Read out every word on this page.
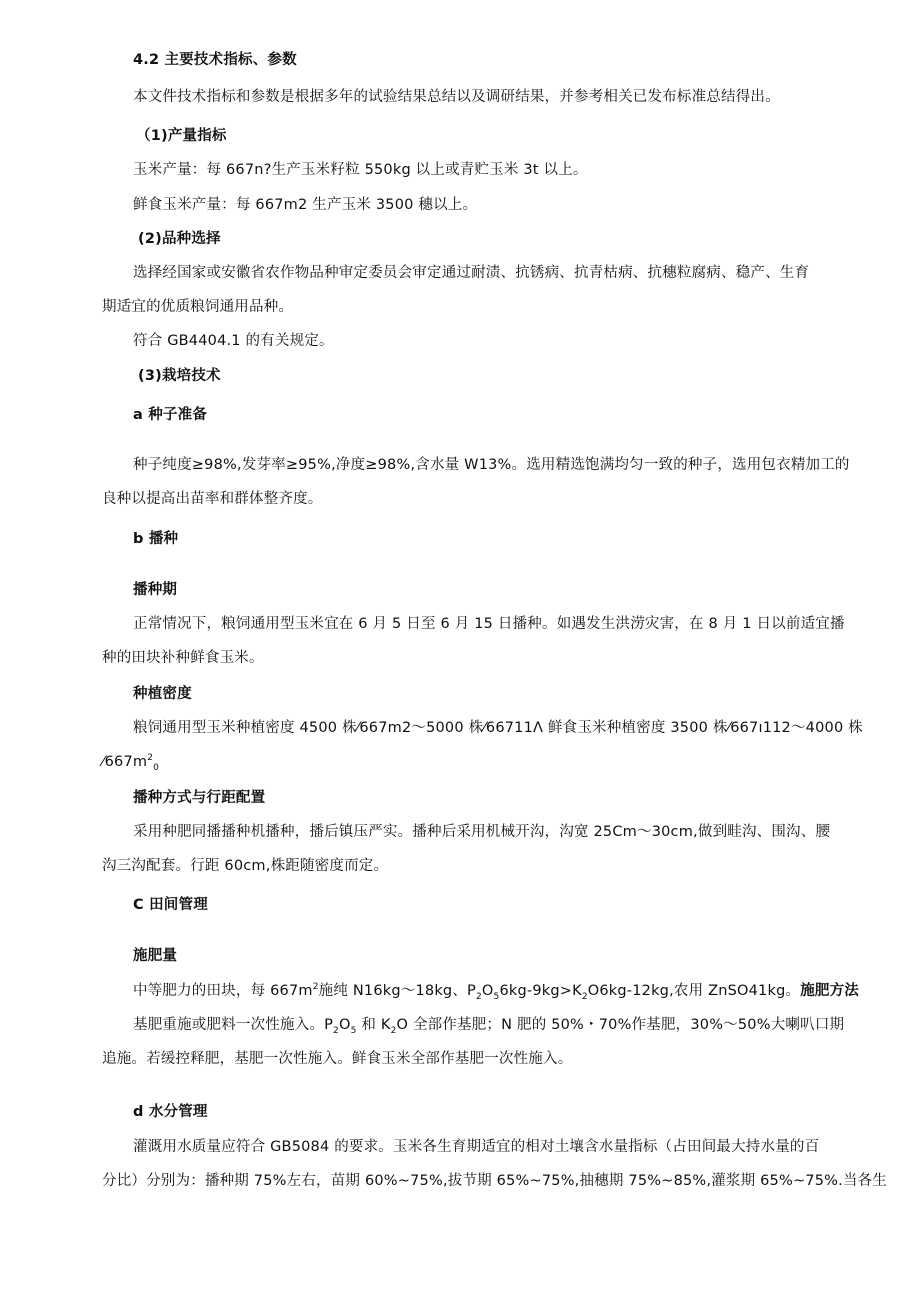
4.2 主要技术指标、参数
本文件技术指标和参数是根据多年的试验结果总结以及调研结果，并参考相关已发布标准总结得出。
（1)产量指标
玉米产量：每 667n?生产玉米籽粒 550kg 以上或青贮玉米 3t 以上。
鲜食玉米产量：每 667m2 生产玉米 3500 穗以上。
(2)品种选择
选择经国家或安徽省农作物品种审定委员会审定通过耐渍、抗锈病、抗青枯病、抗穗粒腐病、稳产、生育
期适宜的优质粮饲通用品种。
符合 GB4404.1 的有关规定。
(3)栽培技术
a 种子准备
种子纯度≥98%,发芽率≥95%,净度≥98%,含水量 W13%。选用精选饱满均匀一致的种子，选用包衣精加工的
良种以提高出苗率和群体整齐度。
b 播种
播种期
正常情况下，粮饲通用型玉米宜在 6 月 5 日至 6 月 15 日播种。如遇发生洪涝灾害，在 8 月 1 日以前适宜播
种的田块补种鲜食玉米。
种植密度
粮饲通用型玉米种植密度 4500 株⁄667m2～5000 株⁄66711Λ 鲜食玉米种植密度 3500 株⁄667ı112～4000 株
$⁄667m^2_0$
播种方式与行距配置
采用种肥同播播种机播种，播后镇压严实。播种后采用机械开沟，沟宽 25Cm～30cm,做到畦沟、围沟、腰
沟三沟配套。行距 60cm,株距随密度而定。
C 田间管理
施肥量
中等肥力的田块，每 $667m^2$施纯 N16kg～18kg、$P_2O_56kg-9kg>K_2O6kg-12kg$,农用 ZnSO41kg。施肥方法
基肥重施或肥料一次性施入。$P_2O_5$ 和 $K_2O$ 全部作基肥；N 肥的 50%・70%作基肥，30%～50%大喇叭口期
追施。若缓控释肥，基肥一次性施入。鲜食玉米全部作基肥一次性施入。
d 水分管理
灌溉用水质量应符合 GB5084 的要求。玉米各生育期适宜的相对土壤含水量指标（占田间最大持水量的百
分比）分别为：播种期 75%左右，苗期 60%~75%,拔节期 65%~75%,抽穗期 75%~85%,灌浆期 65%~75%.当各生
